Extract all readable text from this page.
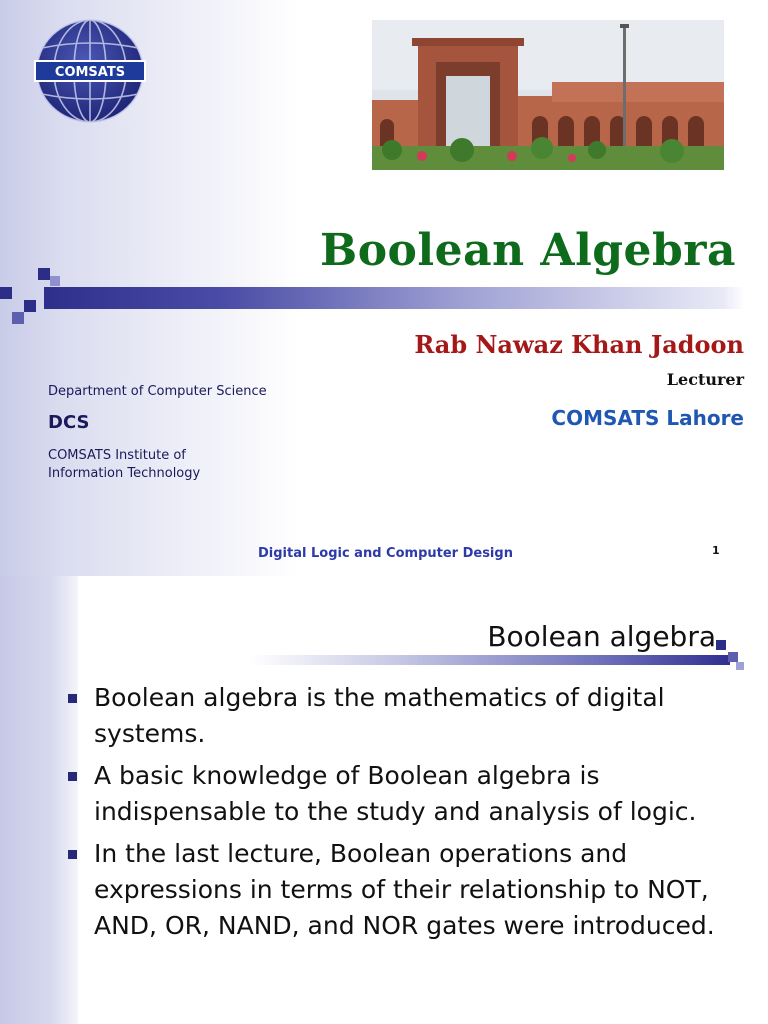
COMSATS
Boolean Algebra
Rab Nawaz Khan Jadoon
Lecturer
COMSATS Lahore
Department of Computer Science
DCS
COMSATS Institute of
Information Technology
Digital Logic and Computer Design	1
Boolean algebra
Boolean algebra is the mathematics of digital systems.
A basic knowledge of Boolean algebra is indispensable to the study and analysis of logic.
In the last lecture, Boolean operations and expressions in terms of their relationship to NOT, AND, OR, NAND, and NOR gates were introduced.
